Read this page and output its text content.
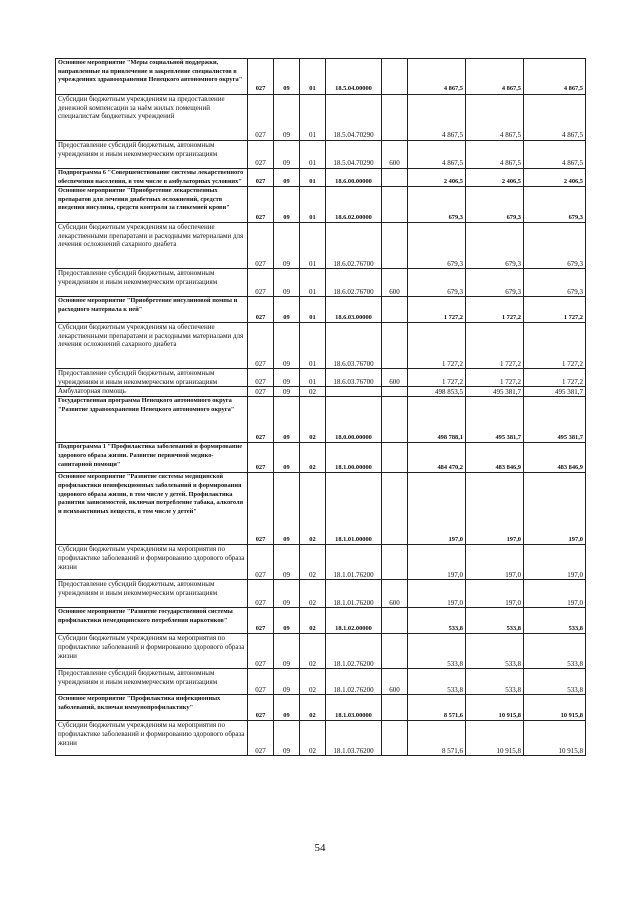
Основное мероприятие "Меры социальной поддержки, направленные на привлечение и закрепление специалистов в учреждениях здравоохранения Ненецкого автономного округа"	027	09	01	18.5.04.00000		4 867,5	4 867,5	4 867,5
Субсидии бюджетным учреждениям на предоставление денежной компенсации за наём жилых помещений специалистам бюджетных учреждений	027	09	01	18.5.04.70290		4 867,5	4 867,5	4 867,5
Предоставление субсидий бюджетным, автономным учреждениям и иным некоммерческим организациям	027	09	01	18.5.04.70290	600	4 867,5	4 867,5	4 867,5
Подпрограмма 6 "Совершенствование системы лекарственного обеспечения населения, в том числе в амбулаторных условиях"	027	09	01	18.6.00.00000		2 406,5	2 406,5	2 406,5
Основное мероприятие "Приобретение лекарственных препаратов для лечения диабетных осложнений, средств введения инсулина, средств контроля за гликемией крови"	027	09	01	18.6.02.00000		679,3	679,3	679,3
Субсидии бюджетным учреждениям на обеспечение лекарственными препаратами и расходными материалами для лечения осложнений сахарного диабета	027	09	01	18.6.02.76700		679,3	679,3	679,3
Предоставление субсидий бюджетным, автономным учреждениям и иным некоммерческим организациям	027	09	01	18.6.02.76700	600	679,3	679,3	679,3
Основное мероприятие "Приобретение инсулиновой помпы и расходного материала к ней"	027	09	01	18.6.03.00000		1 727,2	1 727,2	1 727,2
Субсидии бюджетным учреждениям на обеспечение лекарственными препаратами и расходными материалами для лечения осложнений сахарного диабета	027	09	01	18.6.03.76700		1 727,2	1 727,2	1 727,2
Предоставление субсидий бюджетным, автономным учреждениям и иным некоммерческим организациям	027	09	01	18.6.03.76700	600	1 727,2	1 727,2	1 727,2
Амбулаторная помощь	027	09	02			498 853,5	495 381,7	495 381,7
Государственная программа Ненецкого автономного округа "Развитие здравоохранения Ненецкого автономного округа"	027	09	02	18.0.00.00000		498 788,1	495 381,7	495 381,7
Подпрограмма 1 "Профилактика заболеваний и формирование здорового образа жизни. Развитие первичной медико-санитарной помощи"	027	09	02	18.1.00.00000		484 470,2	483 846,9	483 846,9
Основное мероприятие "Развитие системы медицинской профилактики неинфекционных заболеваний и формирования здорового образа жизни, в том числе у детей. Профилактика развития зависимостей, включая потребление табака, алкоголя и психоактивных веществ, в том числе у детей"	027	09	02	18.1.01.00000		197,0	197,0	197,0
Субсидии бюджетным учреждениям на мероприятия по профилактике заболеваний и формированию здорового образа жизни	027	09	02	18.1.01.76200		197,0	197,0	197,0
Предоставление субсидий бюджетным, автономным учреждениям и иным некоммерческим организациям	027	09	02	18.1.01.76200	600	197,0	197,0	197,0
Основное мероприятие "Развитие государственной системы профилактики немедицинского потребления наркотиков"	027	09	02	18.1.02.00000		533,8	533,8	533,8
Субсидии бюджетным учреждениям на мероприятия по профилактике заболеваний и формированию здорового образа жизни	027	09	02	18.1.02.76200		533,8	533,8	533,8
Предоставление субсидий бюджетным, автономным учреждениям и иным некоммерческим организациям	027	09	02	18.1.02.76200	600	533,8	533,8	533,8
Основное мероприятие "Профилактика инфекционных заболеваний, включая иммунопрофилактику"	027	09	02	18.1.03.00000		8 571,6	10 915,8	10 915,8
Субсидии бюджетным учреждениям на мероприятия по профилактике заболеваний и формированию здорового образа жизни	027	09	02	18.1.03.76200		8 571,6	10 915,8	10 915,8
54
